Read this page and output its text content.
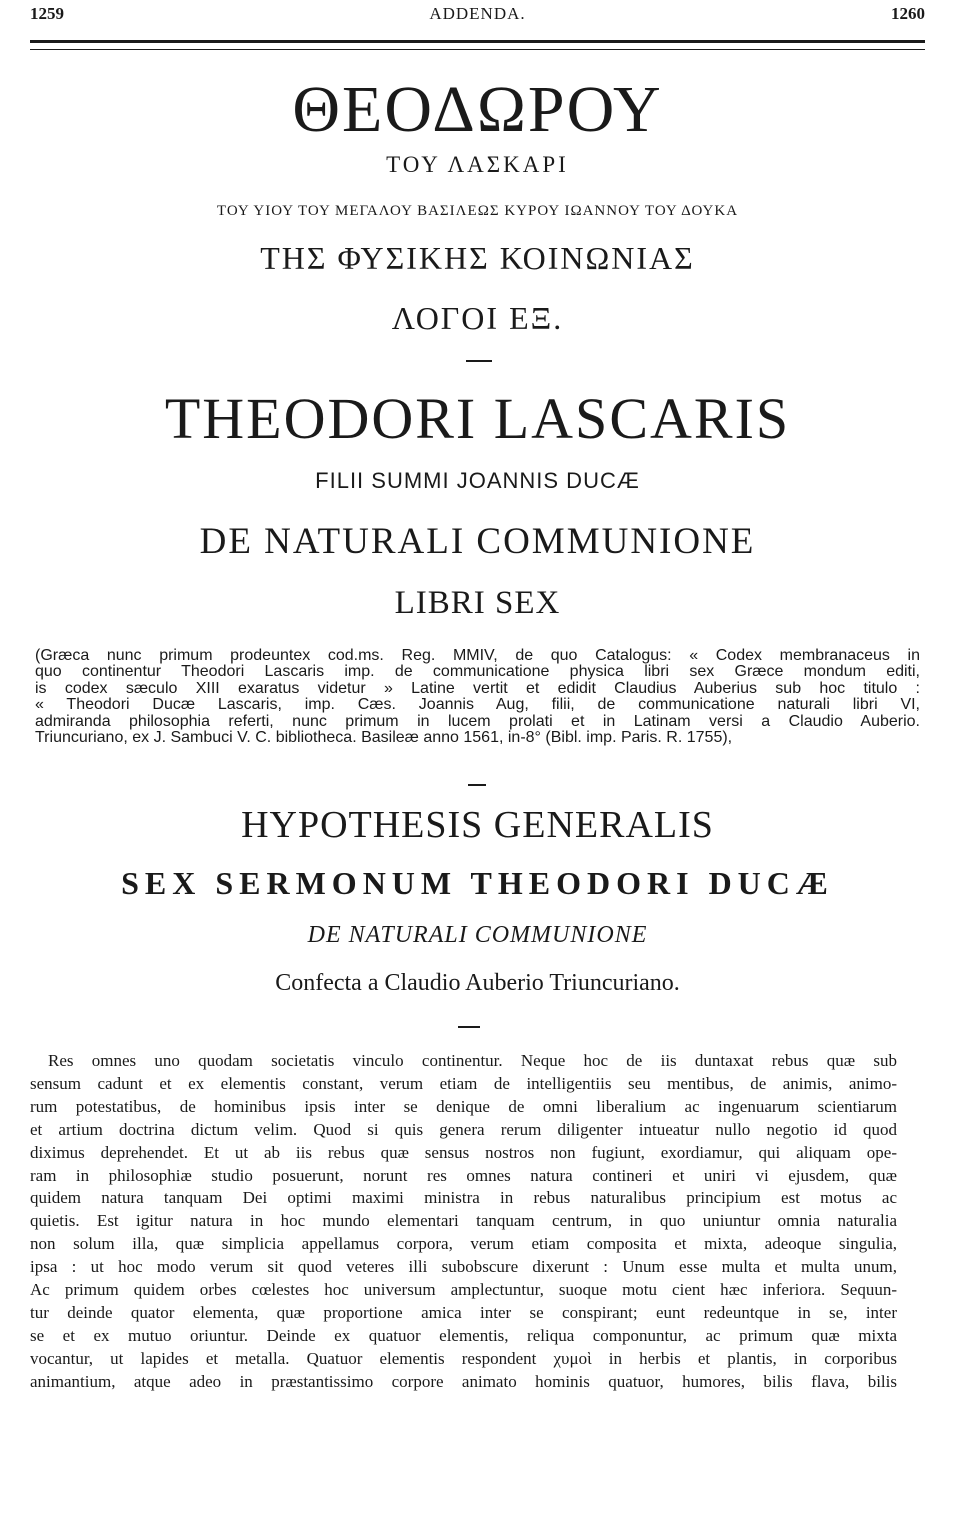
1259	ADDENDA.	1260
ΘΕΟΔΩΡΟΥ
ΤΟΥ ΛΑΣΚΑΡΙ
ΤΟΥ ΥΙΟΥ ΤΟΥ ΜΕΓΑΛΟΥ ΒΑΣΙΛΕΩΣ ΚΥΡΟΥ ΙΩΑΝΝΟΥ ΤΟΥ ΔΟΥΚΑ
ΤΗΣ ΦΥΣΙΚΗΣ ΚΟΙΝΩΝΙΑΣ
ΛΟΓΟΙ ΕΞ.
THEODORI LASCARIS
FILII SUMMI JOANNIS DUCÆ
DE NATURALI COMMUNIONE
LIBRI SEX
(Græca nunc primum prodeuntex cod.ms. Reg. MMIV, de quo Catalogus: « Codex membranaceus in
quo continentur Theodori Lascaris imp. de communicatione physica libri sex Græce mondum editi,
is codex sæculo XIII exaratus videtur » Latine vertit et edidit Claudius Auberius sub hoc titulo :
« Theodori Ducæ Lascaris, imp. Cæs. Joannis Aug, filii, de communicatione naturali libri VI,
admiranda philosophia referti, nunc primum in lucem prolati et in Latinam versi a Claudio Auberio.
Triuncuriano, ex J. Sambuci V. C. bibliotheca. Basileæ anno 1561, in-8° (Bibl. imp. Paris. R. 1755),
HYPOTHESIS GENERALIS
SEX SERMONUM THEODORI DUCÆ
DE NATURALI COMMUNIONE
Confecta a Claudio Auberio Triuncuriano.
Res omnes uno quodam societatis vinculo continentur. Neque hoc de iis duntaxat rebus quæ sub
sensum cadunt et ex elementis constant, verum etiam de intelligentiis seu mentibus, de animis, animo-
rum potestatibus, de hominibus ipsis inter se denique de omni liberalium ac ingenuarum scientiarum
et artium doctrina dictum velim. Quod si quis genera rerum diligenter intueatur nullo negotio id quod
diximus deprehendet. Et ut ab iis rebus quæ sensus nostros non fugiunt, exordiamur, qui aliquam ope-
ram in philosophiæ studio posuerunt, norunt res omnes natura contineri et uniri vi ejusdem, quæ
quidem natura tanquam Dei optimi maximi ministra in rebus naturalibus principium est motus ac
quietis. Est igitur natura in hoc mundo elementari tanquam centrum, in quo uniuntur omnia naturalia
non solum illa, quæ simplicia appellamus corpora, verum etiam composita et mixta, adeoque singulia,
ipsa : ut hoc modo verum sit quod veteres illi subobscure dixerunt : Unum esse multa et multa unum,
Ac primum quidem orbes cœlestes hoc universum amplectuntur, suoque motu cient hæc inferiora. Sequun-
tur deinde quator elementa, quæ proportione amica inter se conspirant; eunt redeuntque in se, inter
se et ex mutuo oriuntur. Deinde ex quatuor elementis, reliqua componuntur, ac primum quæ mixta
vocantur, ut lapides et metalla. Quatuor elementis respondent χυμοὶ in herbis et plantis, in corporibus
animantium, atque adeo in præstantissimo corpore animato hominis quatuor, humores, bilis flava, bilis
